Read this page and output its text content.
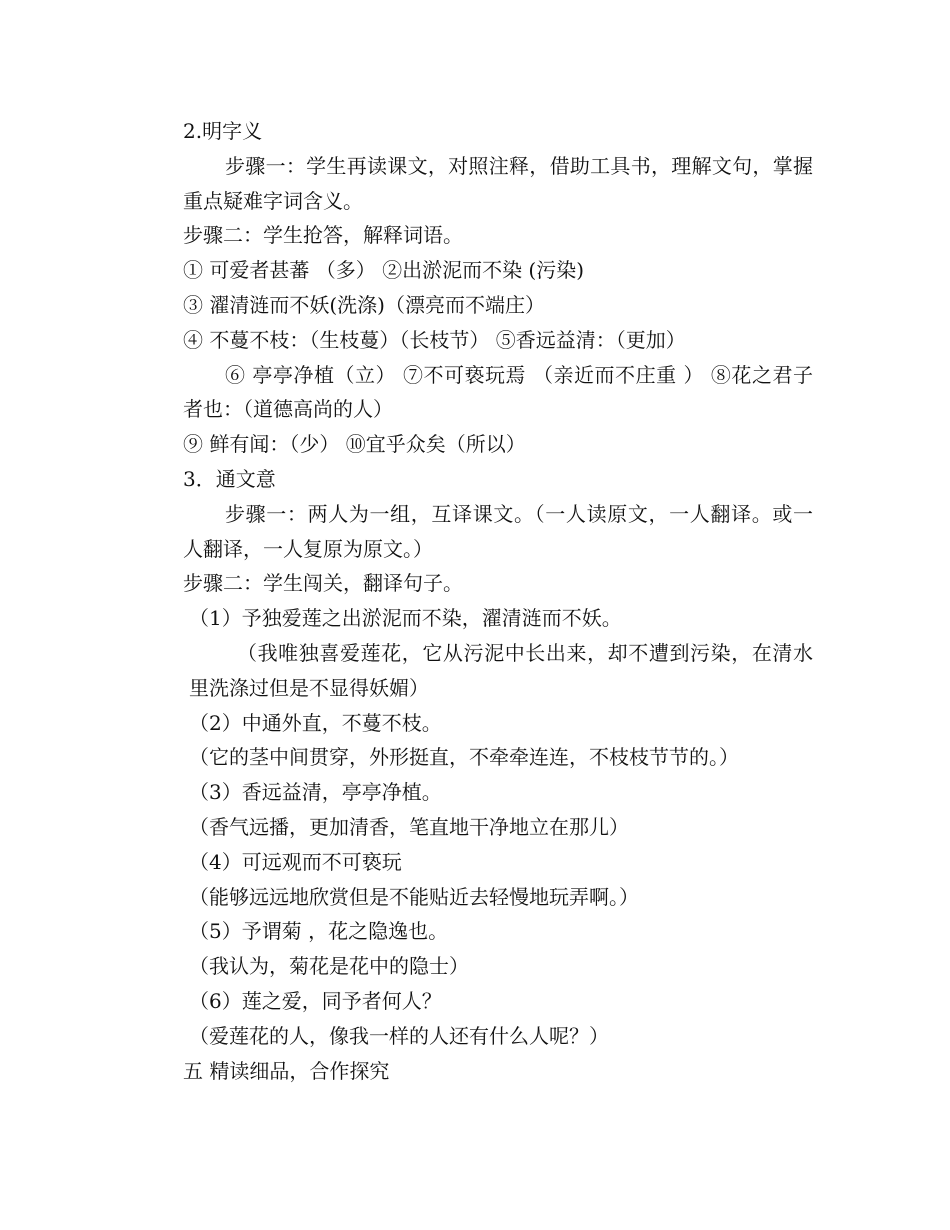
2.明字义

步骤一：学生再读课文，对照注释，借助工具书，理解文句，掌握重点疑难字词含义。

步骤二：学生抢答，解释词语。

① 可爱者甚蕃 （多） ②出淤泥而不染 (污染)

③ 濯清涟而不妖(洗涤)（漂亮而不端庄）

④ 不蔓不枝：（生枝蔓）（长枝节） ⑤香远益清：（更加）

⑥ 亭亭净植（立） ⑦不可亵玩焉 （亲近而不庄重 ） ⑧花之君子者也：（道德高尚的人）

⑨ 鲜有闻：（少） ⑩宜乎众矣（所以）

3．通文意

步骤一：两人为一组，互译课文。（一人读原文，一人翻译。或一人翻译，一人复原为原文。）

步骤二：学生闯关，翻译句子。

（1）予独爱莲之出淤泥而不染，濯清涟而不妖。

（我唯独喜爱莲花，它从污泥中长出来，却不遭到污染，在清水里洗涤过但是不显得妖媚）

（2）中通外直，不蔓不枝。

（它的茎中间贯穿，外形挺直，不牵牵连连，不枝枝节节的。）

（3）香远益清，亭亭净植。

（香气远播，更加清香，笔直地干净地立在那儿）

（4）可远观而不可亵玩

（能够远远地欣赏但是不能贴近去轻慢地玩弄啊。）

（5）予谓菊 ，花之隐逸也。

（我认为，菊花是花中的隐士）

（6）莲之爱，同予者何人？

（爱莲花的人，像我一样的人还有什么人呢？）

五 精读细品，合作探究
